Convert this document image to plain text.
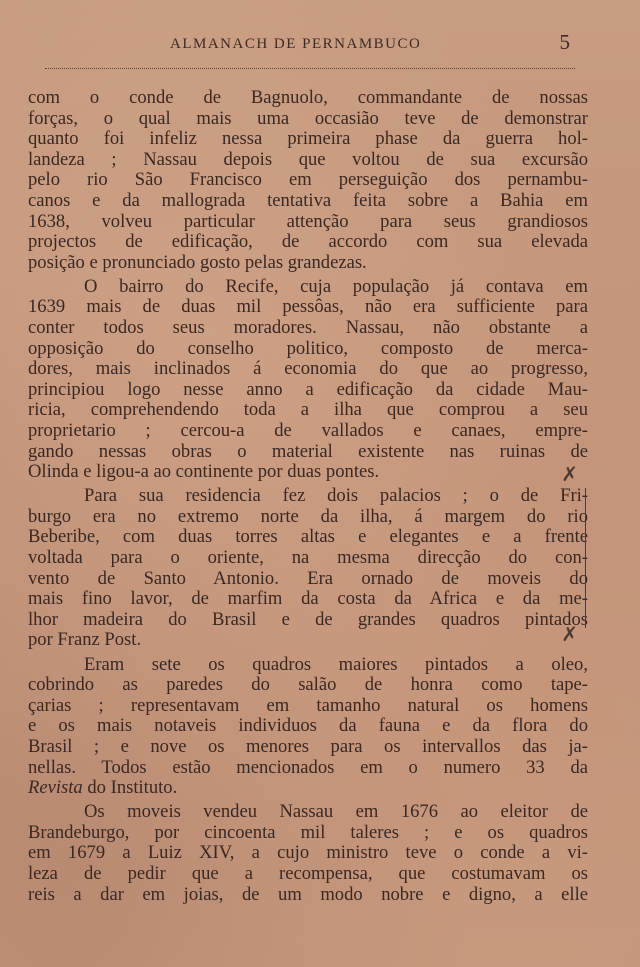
ALMANACH DE PERNAMBUCO	5
com o conde de Bagnuolo, commandante de nossas
forças, o qual mais uma occasião teve de demonstrar
quanto foi infeliz nessa primeira phase da guerra hol-
landeza ; Nassau depois que voltou de sua excursão
pelo rio São Francisco em perseguição dos pernambu-
canos e da mallograda tentativa feita sobre a Bahia em
1638, volveu particular attenção para seus grandiosos
projectos de edificação, de accordo com sua elevada
posição e pronunciado gosto pelas grandezas.
O bairro do Recife, cuja população já contava em
1639 mais de duas mil pessôas, não era sufficiente para
conter todos seus moradores. Nassau, não obstante a
opposição do conselho politico, composto de merca-
dores, mais inclinados á economia do que ao progresso,
principiou logo nesse anno a edificação da cidade Mau-
ricia, comprehendendo toda a ilha que comprou a seu
proprietario ; cercou-a de vallados e canaes, empre-
gando nessas obras o material existente nas ruinas de
Olinda e ligou-a ao continente por duas pontes.
Para sua residencia fez dois palacios ; o de Fri-
burgo era no extremo norte da ilha, á margem do rio
Beberibe, com duas torres altas e elegantes e a frente
voltada para o oriente, na mesma direcção do con-
vento de Santo Antonio. Era ornado de moveis do
mais fino lavor, de marfim da costa da Africa e da me-
lhor madeira do Brasil e de grandes quadros pintados
por Franz Post.
Eram sete os quadros maiores pintados a oleo,
cobrindo as paredes do salão de honra como tape-
çarias ; representavam em tamanho natural os homens
e os mais notaveis individuos da fauna e da flora do
Brasil ; e nove os menores para os intervallos das ja-
nellas. Todos estão mencionados em o numero 33 da
Revista do Instituto.
Os moveis vendeu Nassau em 1676 ao eleitor de
Brandeburgo, por cincoenta mil taleres ; e os quadros
em 1679 a Luiz XIV, a cujo ministro teve o conde a vi-
leza de pedir que a recompensa, que costumavam os
reis a dar em joias, de um modo nobre e digno, a elle
✗
✗
